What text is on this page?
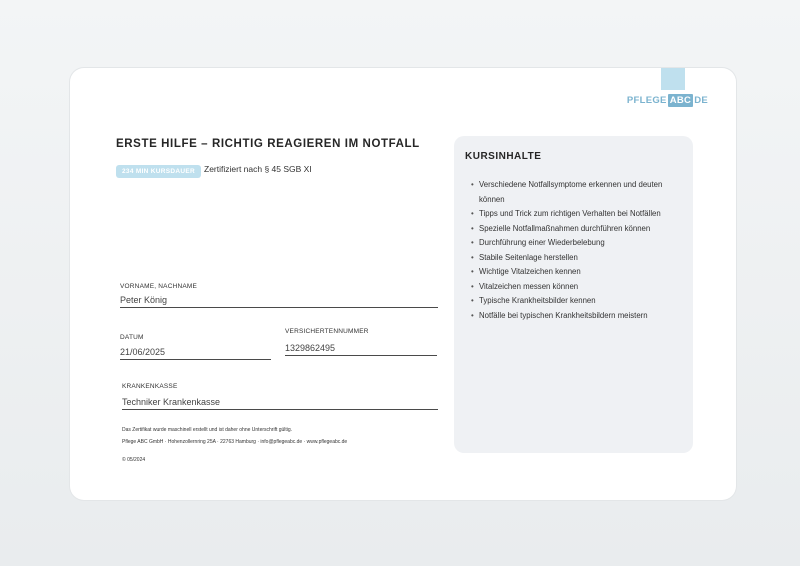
PFLEGE ABC DE
ERSTE HILFE – RICHTIG REAGIEREN IM NOTFALL
234 MIN KURSDAUER	Zertifiziert nach § 45 SGB XI
VORNAME, NACHNAME
Peter König
DATUM
21/06/2025
VERSICHERTENNUMMER
1329862495
KRANKENKASSE
Techniker Krankenkasse
Das Zertifikat wurde maschinell erstellt und ist daher ohne Unterschrift gültig.
Pflege ABC GmbH · Hohenzollernring 25A · 22763 Hamburg · info@pflegeabc.de · www.pflegeabc.de
© 05/2024
KURSINHALTE
• Verschiedene Notfallsymptome erkennen und deuten können
• Tipps und Trick zum richtigen Verhalten bei Notfällen
• Spezielle Notfallmaßnahmen durchführen können
• Durchführung einer Wiederbelebung
• Stabile Seitenlage herstellen
• Wichtige Vitalzeichen kennen
• Vitalzeichen messen können
• Typische Krankheitsbilder kennen
• Notfälle bei typischen Krankheitsbildern meistern
